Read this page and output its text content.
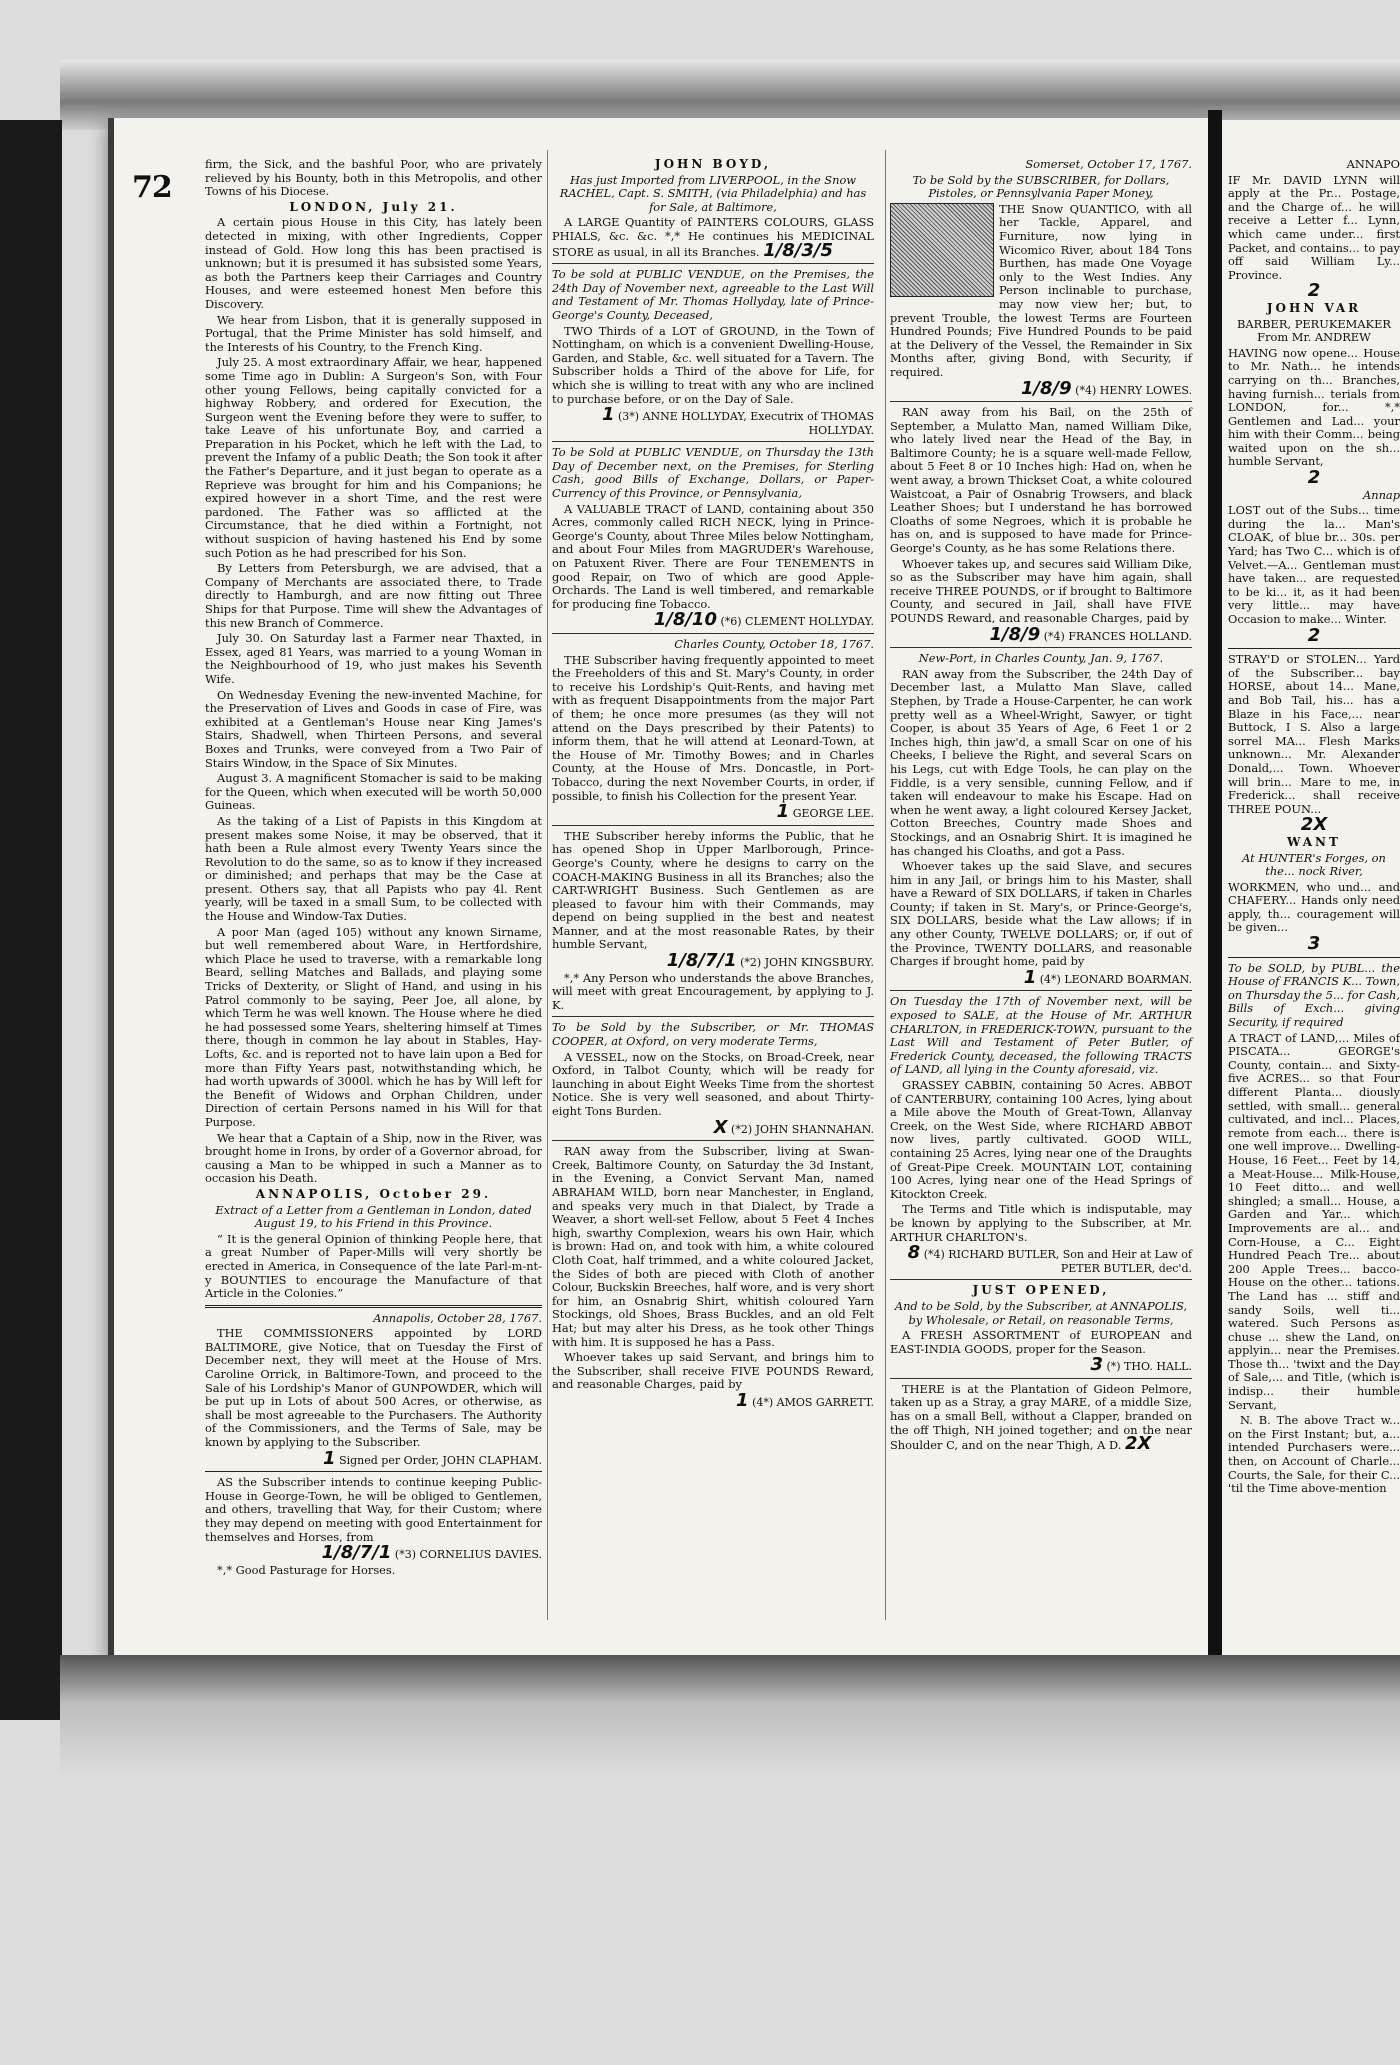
72

firm, the Sick, and the bashful Poor, who are privately relieved by his Bounty, both in this Metropolis, and other Towns of his Diocese.

LONDON, July 21.

A certain pious House in this City, has lately been detected in mixing, with other Ingredients, Copper instead of Gold. How long this has been practised is unknown; but it is presumed it has subsisted some Years, as both the Partners keep their Carriages and Country Houses, and were esteemed honest Men before this Discovery.

We hear from Lisbon, that it is generally supposed in Portugal, that the Prime Minister has sold himself, and the Interests of his Country, to the French King.

July 25. A most extraordinary Affair, we hear, happened some Time ago in Dublin: A Surgeon's Son, with Four other young Fellows, being capitally convicted for a highway Robbery, and ordered for Execution, the Surgeon went the Evening before they were to suffer, to take Leave of his unfortunate Boy, and carried a Preparation in his Pocket, which he left with the Lad, to prevent the Infamy of a public Death; the Son took it after the Father's Departure, and it just began to operate as a Reprieve was brought for him and his Companions; he expired however in a short Time, and the rest were pardoned. The Father was so afflicted at the Circumstance, that he died within a Fortnight, not without suspicion of having hastened his End by some such Potion as he had prescribed for his Son.

By Letters from Petersburgh, we are advised, that a Company of Merchants are associated there, to Trade directly to Hamburgh, and are now fitting out Three Ships for that Purpose. Time will shew the Advantages of this new Branch of Commerce.

July 30. On Saturday last a Farmer near Thaxted, in Essex, aged 81 Years, was married to a young Woman in the Neighbourhood of 19, who just makes his Seventh Wife.

On Wednesday Evening the new-invented Machine, for the Preservation of Lives and Goods in case of Fire, was exhibited at a Gentleman's House near King James's Stairs, Shadwell, when Thirteen Persons, and several Boxes and Trunks, were conveyed from a Two Pair of Stairs Window, in the Space of Six Minutes.

August 3. A magnificent Stomacher is said to be making for the Queen, which when executed will be worth 50,000 Guineas.

As the taking of a List of Papists in this Kingdom at present makes some Noise, it may be observed, that it hath been a Rule almost every Twenty Years since the Revolution to do the same, so as to know if they increased or diminished; and perhaps that may be the Case at present. Others say, that all Papists who pay 4l. Rent yearly, will be taxed in a small Sum, to be collected with the House and Window-Tax Duties.

A poor Man (aged 105) without any known Sirname, but well remembered about Ware, in Hertfordshire, which Place he used to traverse, with a remarkable long Beard, selling Matches and Ballads, and playing some Tricks of Dexterity, or Slight of Hand, and using in his Patrol commonly to be saying, Peer Joe, all alone, by which Term he was well known. The House where he died he had possessed some Years, sheltering himself at Times there, though in common he lay about in Stables, Hay-Lofts, &c. and is reported not to have lain upon a Bed for more than Fifty Years past, notwithstanding which, he had worth upwards of 3000l. which he has by Will left for the Benefit of Widows and Orphan Children, under Direction of certain Persons named in his Will for that Purpose.

We hear that a Captain of a Ship, now in the River, was brought home in Irons, by order of a Governor abroad, for causing a Man to be whipped in such a Manner as to occasion his Death.

ANNAPOLIS, October 29.

Extract of a Letter from a Gentleman in London, dated August 19, to his Friend in this Province.

“ It is the general Opinion of thinking People here, that a great Number of Paper-Mills will very shortly be erected in America, in Consequence of the late Parl-m-nt-y BOUNTIES to encourage the Manufacture of that Article in the Colonies.”

Annapolis, October 28, 1767.

THE COMMISSIONERS appointed by LORD BALTIMORE, give Notice, that on Tuesday the First of December next, they will meet at the House of Mrs. Caroline Orrick, in Baltimore-Town, and proceed to the Sale of his Lordship's Manor of GUNPOWDER, which will be put up in Lots of about 500 Acres, or otherwise, as shall be most agreeable to the Purchasers. The Authority of the Commissioners, and the Terms of Sale, may be known by applying to the Subscriber.

1 Signed per Order, JOHN CLAPHAM.

AS the Subscriber intends to continue keeping Public-House in George-Town, he will be obliged to Gentlemen, and others, travelling that Way, for their Custom; where they may depend on meeting with good Entertainment for themselves and Horses, from

1/8/7/1 (*3) CORNELIUS DAVIES.

*,* Good Pasturage for Horses.

JOHN BOYD,

Has just Imported from LIVERPOOL, in the Snow RACHEL, Capt. S. SMITH, (via Philadelphia) and has for Sale, at Baltimore,

A LARGE Quantity of PAINTERS COLOURS, GLASS PHIALS, &c. &c. *,* He continues his MEDICINAL STORE as usual, in all its Branches. 1/8/3/5

To be sold at PUBLIC VENDUE, on the Premises, the 24th Day of November next, agreeable to the Last Will and Testament of Mr. Thomas Hollyday, late of Prince-George's County, Deceased,

TWO Thirds of a LOT of GROUND, in the Town of Nottingham, on which is a convenient Dwelling-House, Garden, and Stable, &c. well situated for a Tavern. The Subscriber holds a Third of the above for Life, for which she is willing to treat with any who are inclined to purchase before, or on the Day of Sale.

1 (3*) ANNE HOLLYDAY, Executrix of THOMAS HOLLYDAY.

To be Sold at PUBLIC VENDUE, on Thursday the 13th Day of December next, on the Premises, for Sterling Cash, good Bills of Exchange, Dollars, or Paper-Currency of this Province, or Pennsylvania,

A VALUABLE TRACT of LAND, containing about 350 Acres, commonly called RICH NECK, lying in Prince-George's County, about Three Miles below Nottingham, and about Four Miles from MAGRUDER's Warehouse, on Patuxent River. There are Four TENEMENTS in good Repair, on Two of which are good Apple-Orchards. The Land is well timbered, and remarkable for producing fine Tobacco.

1/8/10 (*6) CLEMENT HOLLYDAY.

Charles County, October 18, 1767.

THE Subscriber having frequently appointed to meet the Freeholders of this and St. Mary's County, in order to receive his Lordship's Quit-Rents, and having met with as frequent Disappointments from the major Part of them; he once more presumes (as they will not attend on the Days prescribed by their Patents) to inform them, that he will attend at Leonard-Town, at the House of Mr. Timothy Bowes; and in Charles County, at the House of Mrs. Doncastle, in Port-Tobacco, during the next November Courts, in order, if possible, to finish his Collection for the present Year.

1 GEORGE LEE.

THE Subscriber hereby informs the Public, that he has opened Shop in Upper Marlborough, Prince-George's County, where he designs to carry on the COACH-MAKING Business in all its Branches; also the CART-WRIGHT Business. Such Gentlemen as are pleased to favour him with their Commands, may depend on being supplied in the best and neatest Manner, and at the most reasonable Rates, by their humble Servant,

1/8/7/1 (*2) JOHN KINGSBURY.

*,* Any Person who understands the above Branches, will meet with great Encouragement, by applying to J. K.

To be Sold by the Subscriber, or Mr. THOMAS COOPER, at Oxford, on very moderate Terms,

A VESSEL, now on the Stocks, on Broad-Creek, near Oxford, in Talbot County, which will be ready for launching in about Eight Weeks Time from the shortest Notice. She is very well seasoned, and about Thirty-eight Tons Burden.

X (*2) JOHN SHANNAHAN.

RAN away from the Subscriber, living at Swan-Creek, Baltimore County, on Saturday the 3d Instant, in the Evening, a Convict Servant Man, named ABRAHAM WILD, born near Manchester, in England, and speaks very much in that Dialect, by Trade a Weaver, a short well-set Fellow, about 5 Feet 4 Inches high, swarthy Complexion, wears his own Hair, which is brown: Had on, and took with him, a white coloured Cloth Coat, half trimmed, and a white coloured Jacket, the Sides of both are pieced with Cloth of another Colour, Buckskin Breeches, half wore, and is very short for him, an Osnabrig Shirt, whitish coloured Yarn Stockings, old Shoes, Brass Buckles, and an old Felt Hat; but may alter his Dress, as he took other Things with him. It is supposed he has a Pass.

Whoever takes up said Servant, and brings him to the Subscriber, shall receive FIVE POUNDS Reward, and reasonable Charges, paid by

1 (4*) AMOS GARRETT.

Somerset, October 17, 1767.

To be Sold by the SUBSCRIBER, for Dollars, Pistoles, or Pennsylvania Paper Money,

THE Snow QUANTICO, with all her Tackle, Apparel, and Furniture, now lying in Wicomico River, about 184 Tons Burthen, has made One Voyage only to the West Indies. Any Person inclinable to purchase, may now view her; but, to prevent Trouble, the lowest Terms are Fourteen Hundred Pounds; Five Hundred Pounds to be paid at the Delivery of the Vessel, the Remainder in Six Months after, giving Bond, with Security, if required.

1/8/9 (*4) HENRY LOWES.

RAN away from his Bail, on the 25th of September, a Mulatto Man, named William Dike, who lately lived near the Head of the Bay, in Baltimore County; he is a square well-made Fellow, about 5 Feet 8 or 10 Inches high: Had on, when he went away, a brown Thickset Coat, a white coloured Waistcoat, a Pair of Osnabrig Trowsers, and black Leather Shoes; but I understand he has borrowed Cloaths of some Negroes, which it is probable he has on, and is supposed to have made for Prince-George's County, as he has some Relations there.

Whoever takes up, and secures said William Dike, so as the Subscriber may have him again, shall receive THREE POUNDS, or if brought to Baltimore County, and secured in Jail, shall have FIVE POUNDS Reward, and reasonable Charges, paid by

1/8/9 (*4) FRANCES HOLLAND.

New-Port, in Charles County, Jan. 9, 1767.

RAN away from the Subscriber, the 24th Day of December last, a Mulatto Man Slave, called Stephen, by Trade a House-Carpenter, he can work pretty well as a Wheel-Wright, Sawyer, or tight Cooper, is about 35 Years of Age, 6 Feet 1 or 2 Inches high, thin jaw'd, a small Scar on one of his Cheeks, I believe the Right, and several Scars on his Legs, cut with Edge Tools, he can play on the Fiddle, is a very sensible, cunning Fellow, and if taken will endeavour to make his Escape. Had on when he went away, a light coloured Kersey Jacket, Cotton Breeches, Country made Shoes and Stockings, and an Osnabrig Shirt. It is imagined he has changed his Cloaths, and got a Pass.

Whoever takes up the said Slave, and secures him in any Jail, or brings him to his Master, shall have a Reward of SIX DOLLARS, if taken in Charles County; if taken in St. Mary's, or Prince-George's, SIX DOLLARS, beside what the Law allows; if in any other County, TWELVE DOLLARS; or, if out of the Province, TWENTY DOLLARS, and reasonable Charges if brought home, paid by

1 (4*) LEONARD BOARMAN.

On Tuesday the 17th of November next, will be exposed to SALE, at the House of Mr. ARTHUR CHARLTON, in FREDERICK-TOWN, pursuant to the Last Will and Testament of Peter Butler, of Frederick County, deceased, the following TRACTS of LAND, all lying in the County aforesaid, viz.

GRASSEY CABBIN, containing 50 Acres. ABBOT of CANTERBURY, containing 100 Acres, lying about a Mile above the Mouth of Great-Town, Allanvay Creek, on the West Side, where RICHARD ABBOT now lives, partly cultivated. GOOD WILL, containing 25 Acres, lying near one of the Draughts of Great-Pipe Creek. MOUNTAIN LOT, containing 100 Acres, lying near one of the Head Springs of Kitockton Creek.

The Terms and Title which is indisputable, may be known by applying to the Subscriber, at Mr. ARTHUR CHARLTON's.

8 (*4) RICHARD BUTLER, Son and Heir at Law of PETER BUTLER, dec'd.

JUST OPENED,

And to be Sold, by the Subscriber, at ANNAPOLIS, by Wholesale, or Retail, on reasonable Terms,

A FRESH ASSORTMENT of EUROPEAN and EAST-INDIA GOODS, proper for the Season.

3 (*) THO. HALL.

THERE is at the Plantation of Gideon Pelmore, taken up as a Stray, a gray MARE, of a middle Size, has on a small Bell, without a Clapper, branded on the off Thigh, NH joined together; and on the near Shoulder C, and on the near Thigh, A D. 2X

ANNAPO

IF Mr. DAVID LYNN will apply at the Pr... Postage, and the Charge of... he will receive a Letter f... Lynn, which came under... first Packet, and contains... to pay off said William Ly... Province.

2

JOHN VAR

BARBER, PERUKEMAKER From Mr. ANDREW

HAVING now opene... House to Mr. Nath... he intends carrying on th... Branches, having furnish... terials from LONDON, for... *,* Gentlemen and Lad... your him with their Comm... being waited upon on the sh... humble Servant,

2

Annap

LOST out of the Subs... time during the la... Man's CLOAK, of blue br... 30s. per Yard; has Two C... which is of Velvet.—A... Gentleman must have taken... are requested to be ki... it, as it had been very little... may have Occasion to make... Winter.

2

STRAY'D or STOLEN... Yard of the Subscriber... bay HORSE, about 14... Mane, and Bob Tail, his... has a Blaze in his Face,... near Buttock, I S. Also a large sorrel MA... Flesh Marks unknown... Mr. Alexander Donald,... Town. Whoever will brin... Mare to me, in Frederick... shall receive THREE POUN...

2X

WANT

At HUNTER's Forges, on the... nock River,

WORKMEN, who und... and CHAFERY... Hands only need apply, th... couragement will be given...

3

To be SOLD, by PUBL... the House of FRANCIS K... Town, on Thursday the 5... for Cash, Bills of Exch... giving Security, if required

A TRACT of LAND,... Miles of PISCATA... GEORGE's County, contain... and Sixty-five ACRES... so that Four different Planta... diously settled, with small... general cultivated, and incl... Places, remote from each... there is one well improve... Dwelling-House, 16 Feet... Feet by 14, a Meat-House... Milk-House, 10 Feet ditto... and well shingled; a small... House, a Garden and Yar... which Improvements are al... and Corn-House, a C... Eight Hundred Peach Tre... about 200 Apple Trees... bacco-House on the other... tations. The Land has ... stiff and sandy Soils, well ti... watered. Such Persons as chuse ... shew the Land, on applyin... near the Premises. Those th... 'twixt and the Day of Sale,... and Title, (which is indisp... their humble Servant,

N. B. The above Tract w... on the First Instant; but, a... intended Purchasers were... then, on Account of Charle... Courts, the Sale, for their C... 'til the Time above-mention
